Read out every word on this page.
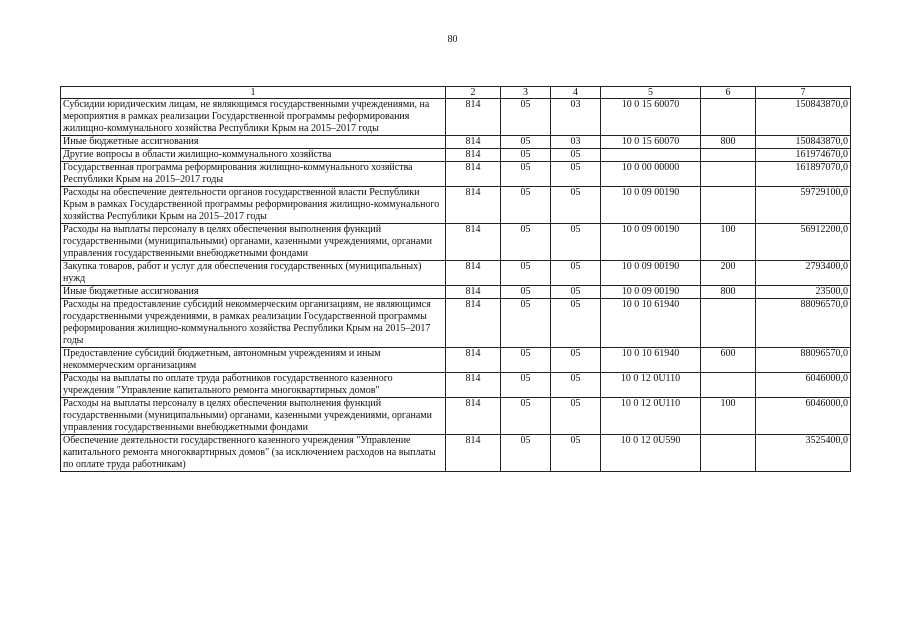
80
1	2	3	4	5	6	7
Субсидии юридическим лицам, не являющимся государственными учреждениями, на мероприятия в рамках реализации Государственной программы реформирования жилищно-коммунального хозяйства Республики Крым на 2015–2017 годы	814	05	03	10 0 15 60070		150843870,0
Иные бюджетные ассигнования	814	05	03	10 0 15 60070	800	150843870,0
Другие вопросы в области жилищно-коммунального хозяйства	814	05	05			161974670,0
Государственная программа реформирования жилищно-коммунального хозяйства Республики Крым на 2015–2017 годы	814	05	05	10 0 00 00000		161897070,0
Расходы на обеспечение деятельности органов государственной власти Республики Крым в рамках Государственной программы реформирования жилищно-коммунального хозяйства Республики Крым на 2015–2017 годы	814	05	05	10 0 09 00190		59729100,0
Расходы на выплаты персоналу в целях обеспечения выполнения функций государственными (муниципальными) органами, казенными учреждениями, органами управления государственными внебюджетными фондами	814	05	05	10 0 09 00190	100	56912200,0
Закупка товаров, работ и услуг для обеспечения государственных (муниципальных) нужд	814	05	05	10 0 09 00190	200	2793400,0
Иные бюджетные ассигнования	814	05	05	10 0 09 00190	800	23500,0
Расходы на предоставление субсидий некоммерческим организациям, не являющимся государственными учреждениями, в рамках реализации Государственной программы реформирования жилищно-коммунального хозяйства Республики Крым на 2015–2017 годы	814	05	05	10 0 10 61940		88096570,0
Предоставление субсидий бюджетным, автономным учреждениям и иным некоммерческим организациям	814	05	05	10 0 10 61940	600	88096570,0
Расходы на выплаты по оплате труда работников государственного казенного учреждения "Управление капитального ремонта многоквартирных домов"	814	05	05	10 0 12 0U110		6046000,0
Расходы на выплаты персоналу в целях обеспечения выполнения функций государственными (муниципальными) органами, казенными учреждениями, органами управления государственными внебюджетными фондами	814	05	05	10 0 12 0U110	100	6046000,0
Обеспечение деятельности государственного казенного учреждения "Управление капитального ремонта многоквартирных домов" (за исключением расходов на выплаты по оплате труда работникам)	814	05	05	10 0 12 0U590		3525400,0
